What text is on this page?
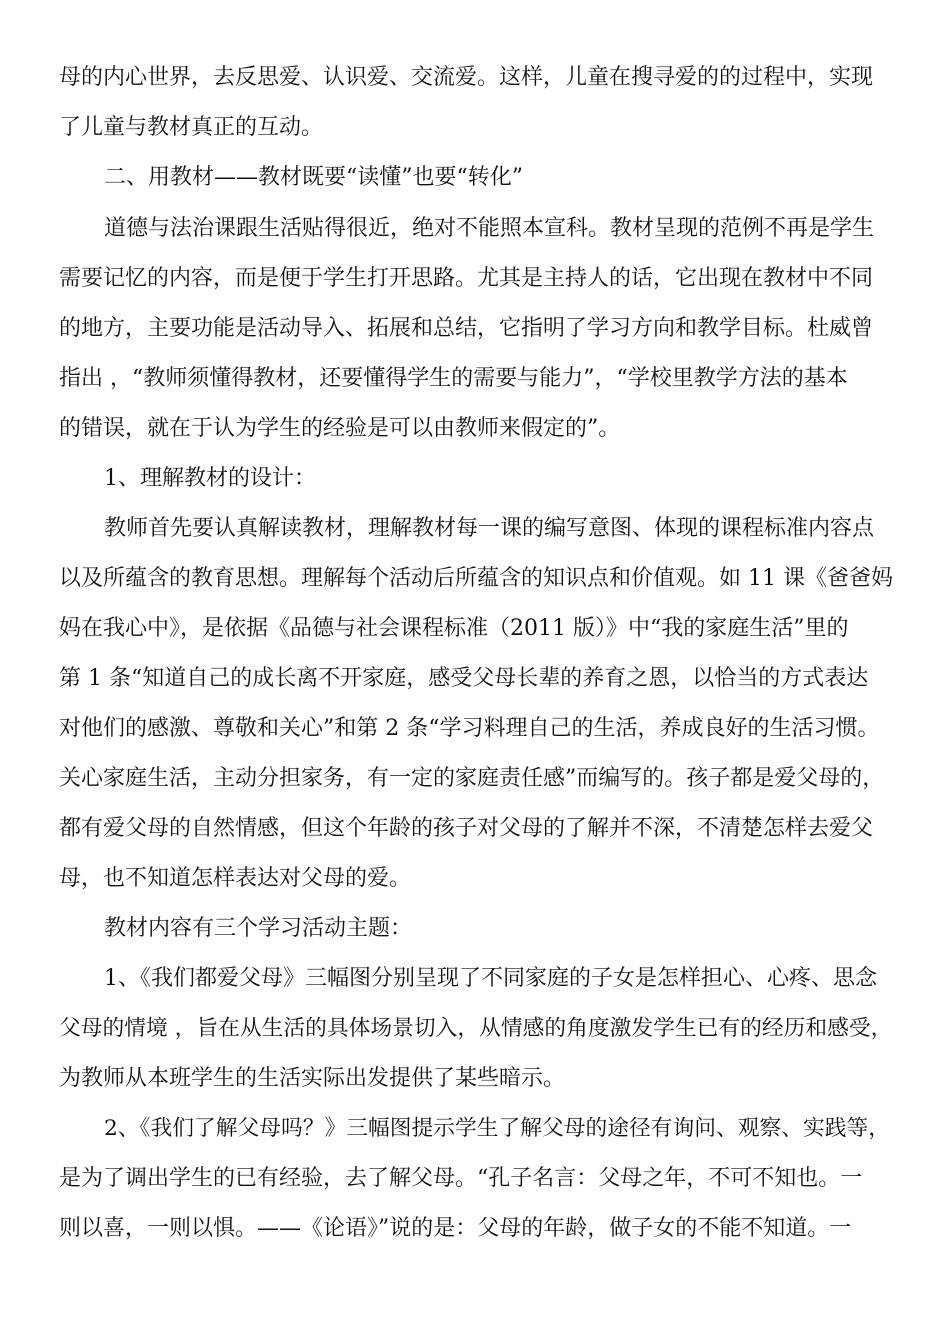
母的内心世界，去反思爱、认识爱、交流爱。这样，儿童在搜寻爱的的过程中，实现
了儿童与教材真正的互动。
二、用教材——教材既要“读懂”也要“转化”
道德与法治课跟生活贴得很近，绝对不能照本宣科。教材呈现的范例不再是学生
需要记忆的内容，而是便于学生打开思路。尤其是主持人的话，它出现在教材中不同
的地方，主要功能是活动导入、拓展和总结，它指明了学习方向和教学目标。杜威曾
指出 ，“教师须懂得教材，还要懂得学生的需要与能力”，“学校里教学方法的基本
的错误，就在于认为学生的经验是可以由教师来假定的”。
1、理解教材的设计：
教师首先要认真解读教材，理解教材每一课的编写意图、体现的课程标准内容点
以及所蕴含的教育思想。理解每个活动后所蕴含的知识点和价值观。如 11 课《爸爸妈
妈在我心中》，是依据《品德与社会课程标准（2011 版）》中“我的家庭生活”里的
第 1 条“知道自己的成长离不开家庭，感受父母长辈的养育之恩，以恰当的方式表达
对他们的感激、尊敬和关心”和第 2 条“学习料理自己的生活，养成良好的生活习惯。
关心家庭生活，主动分担家务，有一定的家庭责任感”而编写的。孩子都是爱父母的，
都有爱父母的自然情感，但这个年龄的孩子对父母的了解并不深，不清楚怎样去爱父
母，也不知道怎样表达对父母的爱。
教材内容有三个学习活动主题：
1、《我们都爱父母》三幅图分别呈现了不同家庭的子女是怎样担心、心疼、思念
父母的情境 ，旨在从生活的具体场景切入，从情感的角度激发学生已有的经历和感受，
为教师从本班学生的生活实际出发提供了某些暗示。
2、《我们了解父母吗？》三幅图提示学生了解父母的途径有询问、观察、实践等，
是为了调出学生的已有经验，去了解父母。“孔子名言：父母之年，不可不知也。一
则以喜，一则以惧。——《论语》”说的是：父母的年龄，做子女的不能不知道。一
